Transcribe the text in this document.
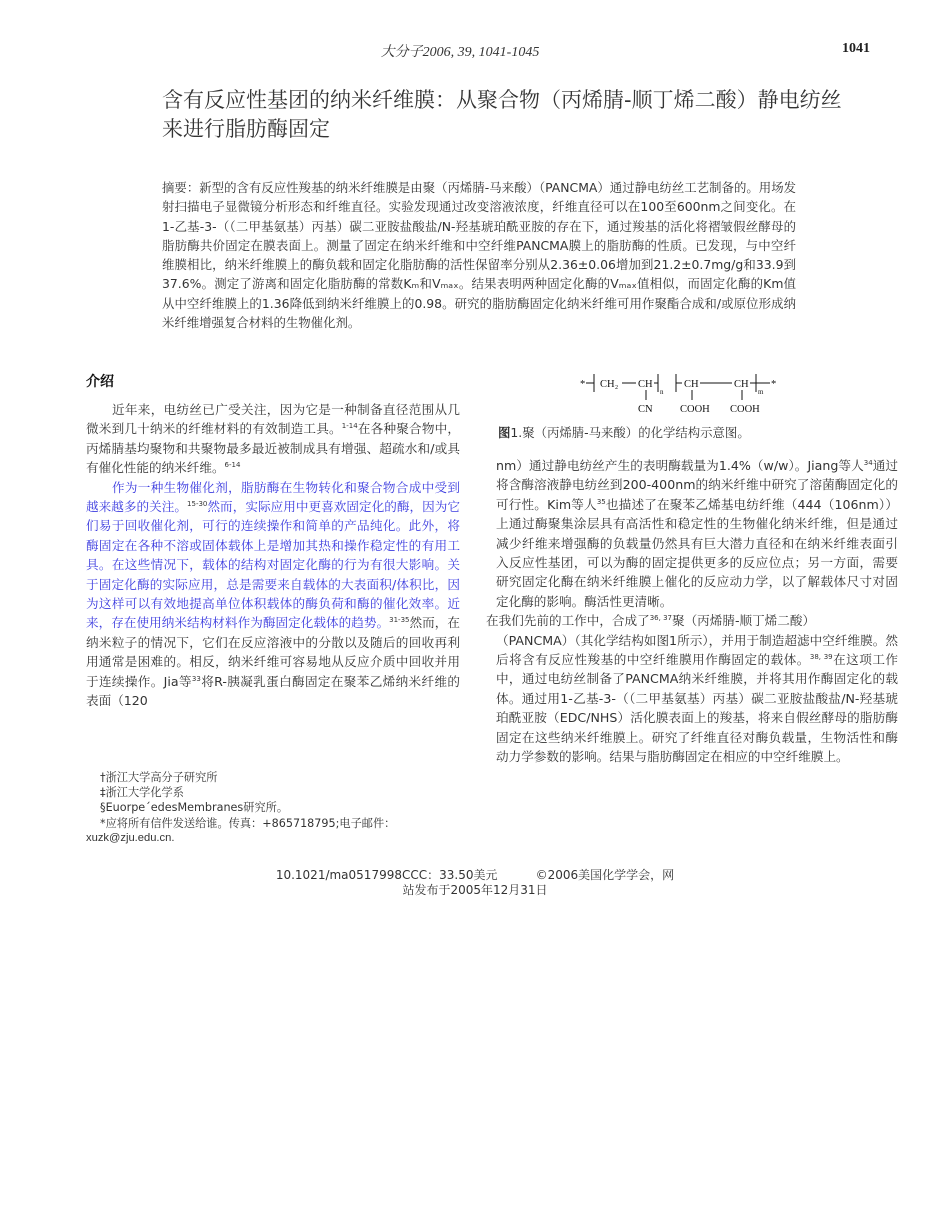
大分子2006, 39, 1041-1045	1041
含有反应性基团的纳米纤维膜：从聚合物（丙烯腈-顺丁烯二酸）静电纺丝来进行脂肪酶固定
摘要：新型的含有反应性羧基的纳米纤维膜是由聚（丙烯腈-马来酸）（PANCMA）通过静电纺丝工艺制备的。用场发射扫描电子显微镜分析形态和纤维直径。实验发现通过改变溶液浓度，纤维直径可以在100至600nm之间变化。在1-乙基-3-（（二甲基氨基）丙基）碳二亚胺盐酸盐/N-羟基琥珀酰亚胺的存在下，通过羧基的活化将褶皱假丝酵母的脂肪酶共价固定在膜表面上。测量了固定在纳米纤维和中空纤维PANCMA膜上的脂肪酶的性质。已发现，与中空纤维膜相比，纳米纤维膜上的酶负载和固定化脂肪酶的活性保留率分别从2.36±0.06增加到21.2±0.7mg/g和33.9到37.6%。测定了游离和固定化脂肪酶的常数Kₘ和Vₘₐₓ。结果表明两种固定化酶的Vₘₐₓ值相似，而固定化酶的Km值从中空纤维膜上的1.36降低到纳米纤维膜上的0.98。研究的脂肪酶固定化纳米纤维可用作聚酯合成和/或原位形成纳米纤维增强复合材料的生物催化剂。
介绍

近年来，电纺丝已广受关注，因为它是一种制备直径范围从几微米到几十纳米的纤维材料的有效制造工具。$^{1-14}$在各种聚合物中，丙烯腈基均聚物和共聚物最多最近被制成具有增强、超疏水和/或具有催化性能的纳米纤维。$^{6-14}$

作为一种生物催化剂，脂肪酶在生物转化和聚合物合成中受到越来越多的关注。$^{15-30}$然而，实际应用中更喜欢固定化的酶，因为它们易于回收催化剂，可行的连续操作和简单的产品纯化。此外，将酶固定在各种不溶或固体载体上是增加其热和操作稳定性的有用工具。在这些情况下，载体的结构对固定化酶的行为有很大影响。关于固定化酶的实际应用，总是需要来自载体的大表面积/体积比，因为这样可以有效地提高单位体积载体的酶负荷和酶的催化效率。近来，存在使用纳米结构材料作为酶固定化载体的趋势。$^{31-35}$然而，在纳米粒子的情况下，它们在反应溶液中的分散以及随后的回收再利用通常是困难的。相反，纳米纤维可容易地从反应介质中回收并用于连续操作。Jia等$^{33}$将R-胰凝乳蛋白酶固定在聚苯乙烯纳米纤维的表面（120

* CH₂ CH
n
CN
CH	CH
m
*
COOH COOH
图1.聚（丙烯腈-马来酸）的化学结构示意图。

nm）通过静电纺丝产生的表明酶载量为1.4%（w/w）。Jiang等人$^{34}$通过将含酶溶液静电纺丝到200-400nm的纳米纤维中研究了溶菌酶固定化的可行性。Kim等人$^{35}$也描述了在聚苯乙烯基电纺纤维（444（106nm））上通过酶聚集涂层具有高活性和稳定性的生物催化纳米纤维，但是通过减少纤维来增强酶的负载量仍然具有巨大潜力直径和在纳米纤维表面引入反应性基团，可以为酶的固定提供更多的反应位点；另一方面，需要研究固定化酶在纳米纤维膜上催化的反应动力学，以了解载体尺寸对固定化酶的影响。酶活性更清晰。

在我们先前的工作中，合成了$^{36, 37}$聚（丙烯腈-顺丁烯二酸）
（PANCMA）（其化学结构如图1所示），并用于制造超滤中空纤维膜。然后将含有反应性羧基的中空纤维膜用作酶固定的载体。$^{38, 39}$在这项工作中，通过电纺丝制备了PANCMA纳米纤维膜，并将其用作酶固定化的载体。通过用1-乙基-3-（（二甲基氨基）丙基）碳二亚胺盐酸盐/N-羟基琥珀酰亚胺（EDC/NHS）活化膜表面上的羧基，将来自假丝酵母的脂肪酶固定在这些纳米纤维膜上。研究了纤维直径对酶负载量，生物活性和酶动力学参数的影响。结果与脂肪酶固定在相应的中空纤维膜上。

†浙江大学高分子研究所
‡浙江大学化学系
§Euorpe´edesMembranes研究所。
*应将所有信件发送给谁。传真：+865718795;电子邮件：
xuzk@zju.edu.cn.
10.1021/ma0517998CCC：33.50美元          ©2006美国化学学会，网
站发布于2005年12月31日
